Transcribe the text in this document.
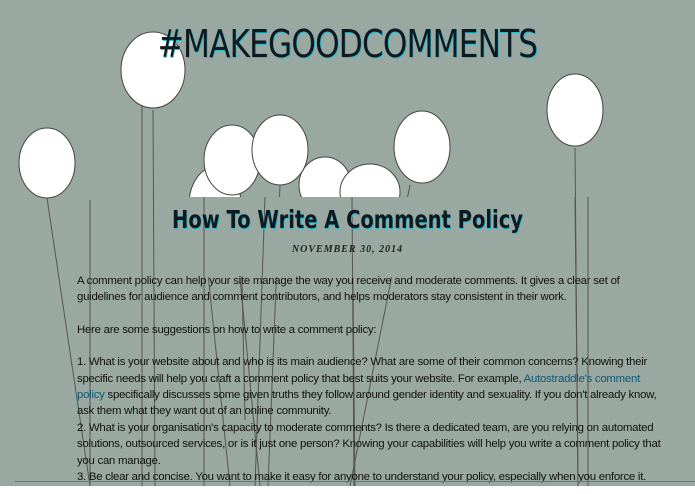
#MAKEGOODCOMMENTS
How To Write A Comment Policy
NOVEMBER 30, 2014

A comment policy can help your site manage the way you receive and moderate comments. It gives a clear set of guidelines for audience and comment contributors, and helps moderators stay consistent in their work.

Here are some suggestions on how to write a comment policy:

1. What is your website about and who is its main audience? What are some of their common concerns? Knowing their specific needs will help you craft a comment policy that best suits your website. For example, Autostraddle's comment policy specifically discusses some given truths they follow around gender identity and sexuality. If you don't already know, ask them what they want out of an online community.

2. What is your organisation's capacity to moderate comments? Is there a dedicated team, are you relying on automated solutions, outsourced services, or is it just one person? Knowing your capabilities will help you write a comment policy that you can manage.

3. Be clear and concise. You want to make it easy for anyone to understand your policy, especially when you enforce it.
